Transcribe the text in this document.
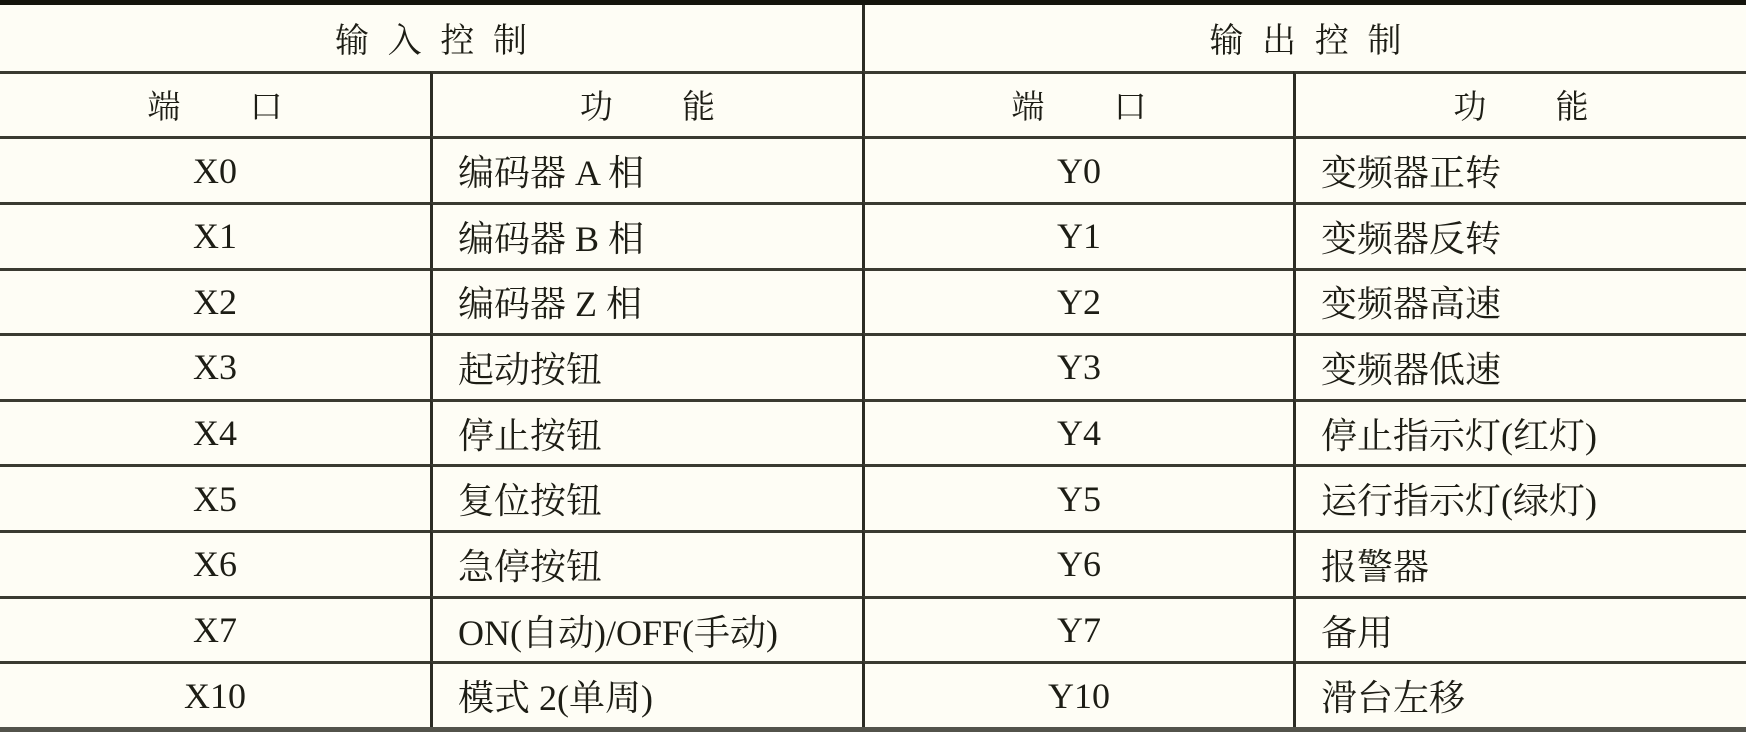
输入控制	输出控制
端口	功能	端口	功能
X0	编码器 A 相	Y0	变频器正转
X1	编码器 B 相	Y1	变频器反转
X2	编码器 Z 相	Y2	变频器高速
X3	起动按钮	Y3	变频器低速
X4	停止按钮	Y4	停止指示灯(红灯)
X5	复位按钮	Y5	运行指示灯(绿灯)
X6	急停按钮	Y6	报警器
X7	ON(自动)/OFF(手动)	Y7	备用
X10	模式 2(单周)	Y10	滑台左移
